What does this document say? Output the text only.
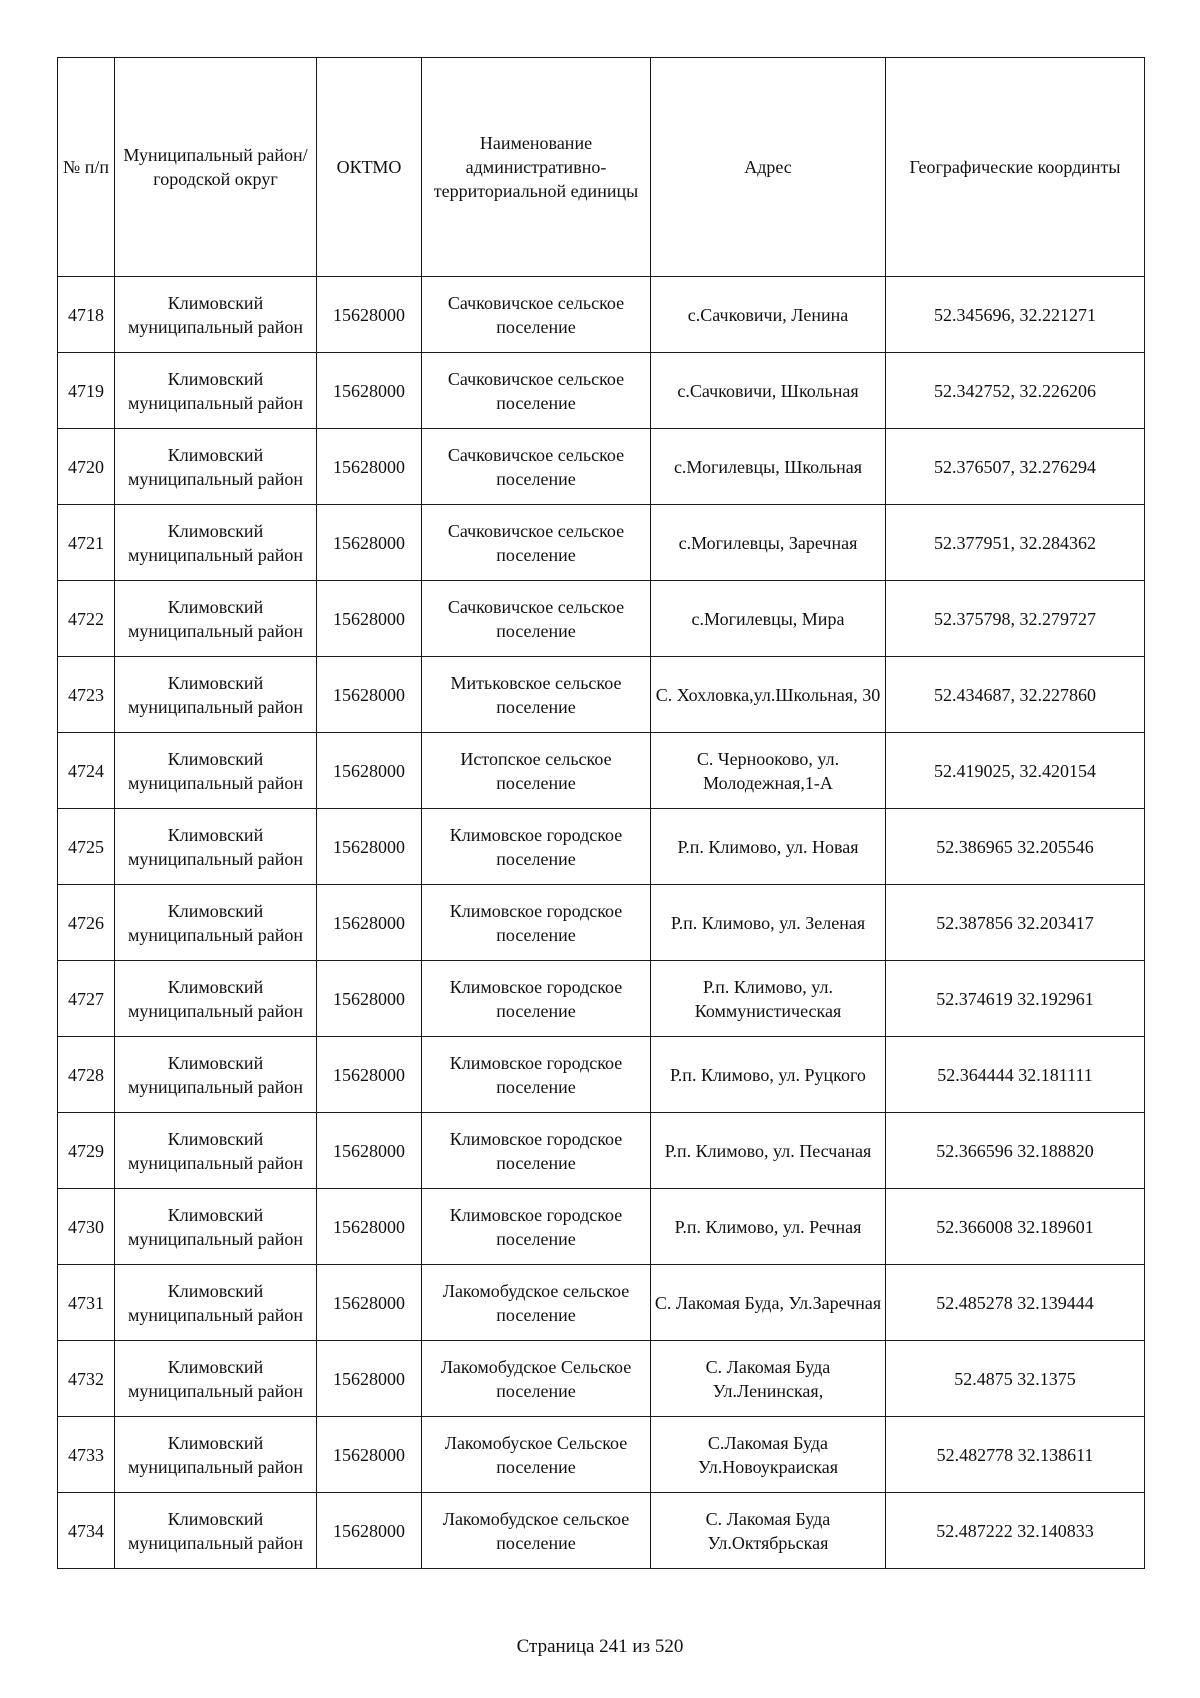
№ п/п	Муниципальный район/городской округ	ОКТМО	Наименование административно-территориальной единицы	Адрес	Географические координты
4718	Климовский муниципальный район	15628000	Сачковичское сельское поселение	с.Сачковичи, Ленина	52.345696, 32.221271
4719	Климовский муниципальный район	15628000	Сачковичское сельское поселение	с.Сачковичи, Школьная	52.342752, 32.226206
4720	Климовский муниципальный район	15628000	Сачковичское сельское поселение	с.Могилевцы, Школьная	52.376507, 32.276294
4721	Климовский муниципальный район	15628000	Сачковичское сельское поселение	с.Могилевцы, Заречная	52.377951, 32.284362
4722	Климовский муниципальный район	15628000	Сачковичское сельское поселение	с.Могилевцы, Мира	52.375798, 32.279727
4723	Климовский муниципальный район	15628000	Митьковское сельское поселение	С. Хохловка,ул.Школьная, 30	52.434687, 32.227860
4724	Климовский муниципальный район	15628000	Истопское сельское поселение	С. Чернооково, ул. Молодежная,1-А	52.419025, 32.420154
4725	Климовский муниципальный район	15628000	Климовское городское поселение	Р.п. Климово, ул. Новая	52.386965 32.205546
4726	Климовский муниципальный район	15628000	Климовское городское поселение	Р.п. Климово, ул. Зеленая	52.387856 32.203417
4727	Климовский муниципальный район	15628000	Климовское городское поселение	Р.п. Климово, ул. Коммунистическая	52.374619 32.192961
4728	Климовский муниципальный район	15628000	Климовское городское поселение	Р.п. Климово, ул. Руцкого	52.364444 32.181111
4729	Климовский муниципальный район	15628000	Климовское городское поселение	Р.п. Климово, ул. Песчаная	52.366596 32.188820
4730	Климовский муниципальный район	15628000	Климовское городское поселение	Р.п. Климово, ул. Речная	52.366008 32.189601
4731	Климовский муниципальный район	15628000	Лакомобудское сельское поселение	С. Лакомая Буда, Ул.Заречная	52.485278 32.139444
4732	Климовский муниципальный район	15628000	Лакомобудское Сельское поселение	С. Лакомая Буда Ул.Ленинская,	52.4875 32.1375
4733	Климовский муниципальный район	15628000	Лакомобуское Сельское поселение	С.Лакомая Буда Ул.Новоукраиская	52.482778 32.138611
4734	Климовский муниципальный район	15628000	Лакомобудское сельское поселение	С. Лакомая Буда Ул.Октябрьская	52.487222 32.140833
Страница 241 из 520
